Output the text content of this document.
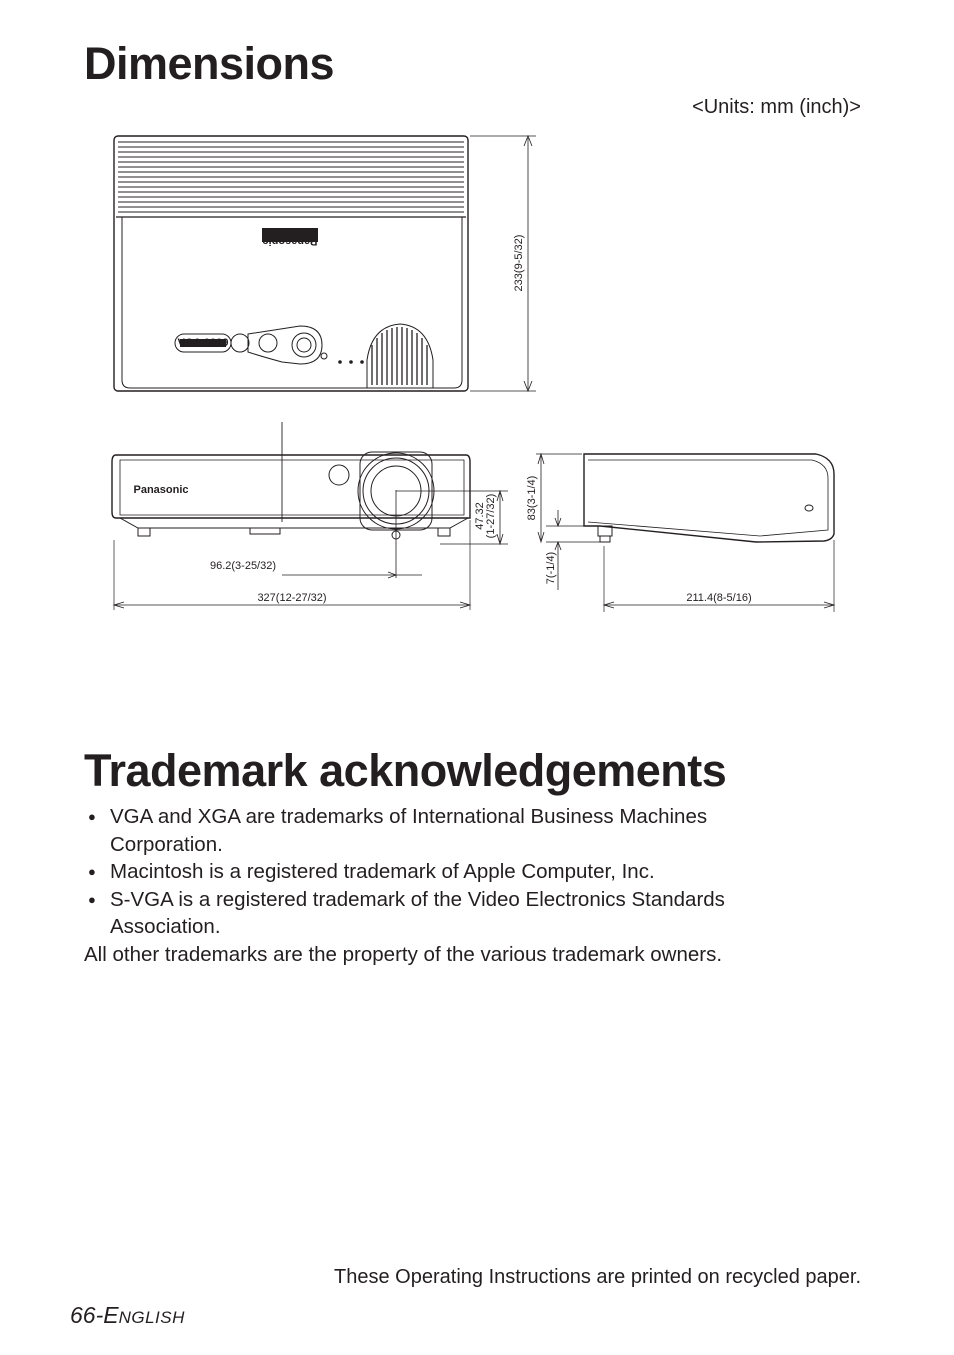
Dimensions
<Units: mm (inch)>
Panasonic
VGA 9999
Panasonic
233(9-5/32)
47.32 (1-27/32)	83(3-1/4)
7(-1/4)
96.2(3-25/32)
327(12-27/32)	211.4(8-5/16)
Trademark acknowledgements
● VGA and XGA are trademarks of International Business Machines Corporation.
● Macintosh is a registered trademark of Apple Computer, Inc.
● S-VGA is a registered trademark of the Video Electronics Standards Association.
All other trademarks are the property of the various trademark owners.
These Operating Instructions are printed on recycled paper.
66-ENGLISH
